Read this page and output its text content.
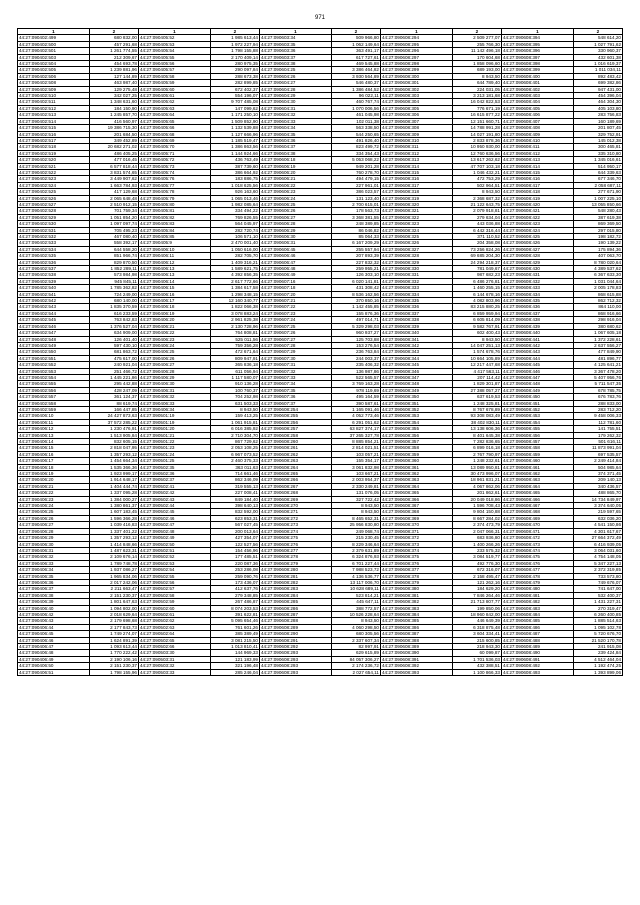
971
1	2	1	2	1	2	1	2	1	2
44:27:090402:499	680 832,00	44:27:090405:52	1 985 613,44	44:27:090603:34	509 966,80	44:27:090608:294	2 509 277,07	44:27:090608:394	548 614,20
44:27:090402:500	457 291,68	44:27:090405:53	1 972 227,94	44:27:090603:35	1 062 149,64	44:27:090608:295	255 766,30	44:27:090608:395	1 027 791,62
44:27:090402:501	1 261 774,55	44:27:090405:54	1 798 155,88	44:27:090603:36	363 491,17	44:27:090608:296	11 142 496,18	44:27:090608:396	330 960,37
44:27:090402:503	212 309,67	44:27:090405:55	2 170 409,14	44:27:090603:37	617 727,61	44:27:090608:297	170 604,68	44:27:090608:397	432 601,38
44:27:090402:504	454 693,78	44:27:090405:56	280 975,35	44:27:090603:38	469 545,88	44:27:090608:298	1 858 096,60	44:27:090608:398	1 016 619,37
44:27:090402:505	1 239 881,96	44:27:090405:57	290 097,84	44:27:090604:25	3 386 464,82	44:27:090608:299	689 193,00	44:27:090608:399	1 011 034,11
44:27:090402:506	127 144,89	44:27:090405:58	288 673,38	44:27:090604:26	3 930 564,89	44:27:090608:300	8 943,50	44:27:090608:400	892 483,42
44:27:090402:508	463 987,40	44:27:090405:59	282 899,85	44:27:090604:27	546 480,37	44:27:090608:301	644 789,40	44:27:090608:401	699 382,86
44:27:090402:509	129 275,48	44:27:090405:60	672 402,37	44:27:090604:28	1 386 484,52	44:27:090608:302	224 031,05	44:27:090608:402	947 431,00
44:27:090402:510	342 027,25	44:27:090405:61	554 196,07	44:27:090604:29	96 022,11	44:27:090608:303	3 213 181,68	44:27:090608:403	454 396,04
44:27:090402:511	1 348 631,60	44:27:090405:62	9 707 485,08	44:27:090604:30	460 767,74	44:27:090608:304	16 042 822,53	44:27:090608:404	464 304,30
44:27:090402:512	184 150,90	44:27:090405:63	147 099,62	44:27:090604:31	1 070 006,56	44:27:090608:305	776 671,19	44:27:090608:405	405 103,80
44:27:090402:513	1 245 857,70	44:27:090405:64	1 171 250,10	44:27:090604:32	461 045,98	44:27:090608:306	16 615 877,22	44:27:090608:406	283 756,83
44:27:090402:514	416 560,97	44:27:090405:65	1 509 852,90	44:27:090604:33	102 011,38	44:27:090608:307	12 151 660,71	44:27:090608:407	160 189,69
44:27:090402:515	19 386 715,30	44:27:090405:66	1 132 539,88	44:27:090604:34	563 338,50	44:27:090608:308	14 788 991,28	44:27:090608:408	201 807,45
44:27:090402:516	201 684,50	44:27:090405:68	1 127 666,96	44:27:090604:35	544 250,65	44:27:090608:309	14 027 191,80	44:27:090608:409	329 752,91
44:27:090402:517	349 452,89	44:27:090405:69	1 185 519,47	44:27:090604:36	491 826,40	44:27:090608:310	2 833 878,36	44:27:090608:410	145 012,38
44:27:090402:518	20 682 271,02	44:27:090405:70	1 386 863,56	44:27:090604:37	823 499,72	44:27:090608:311	10 950 930,00	44:27:090608:411	300 465,81
44:27:090402:519	486 405,25	44:27:090405:71	1 144 924,66	44:27:090604:38	334 354,43	44:27:090608:312	12 760 636,56	44:27:090608:412	335 310,80
44:27:090402:520	477 016,45	44:27:090405:72	436 763,49	44:27:090606:18	5 053 068,22	44:27:090608:313	13 617 262,62	44:27:090608:413	1 345 016,61
44:27:090402:521	6 577 818,44	44:27:090405:73	387 739,60	44:27:090606:19	949 201,28	44:27:090608:314	47 707 103,18	44:27:090608:414	514 950,17
44:27:090402:522	3 831 574,65	44:27:090405:74	386 664,92	44:27:090606:20	760 278,70	44:27:090608:315	1 046 432,21	44:27:090608:415	644 339,63
44:27:090402:523	3 449 907,62	44:27:090405:76	183 886,75	44:27:090606:21	494 479,15	44:27:090608:316	472 753,29	44:27:090608:416	677 346,70
44:27:090402:524	1 663 784,93	44:27:090405:77	1 018 625,56	44:27:090606:22	227 961,01	44:27:090608:317	502 964,51	44:27:090608:417	2 058 687,11
44:27:090402:525	417 129,68	44:27:090405:78	926 163,60	44:27:090606:23	386 023,57	44:27:090608:318	8 943,50	44:27:090608:418	277 671,90
44:27:090402:526	2 065 648,48	44:27:090405:79	1 065 013,46	44:27:090606:24	131 123,40	44:27:090608:319	2 368 687,32	44:27:090608:419	1 007 225,10
44:27:090402:527	2 510 912,15	44:27:090405:80	1 982 085,64	44:27:090606:25	2 700 615,01	44:27:090608:320	21 122 643,75	44:27:090608:420	13 055 850,66
44:27:090402:528	701 759,34	44:27:090405:81	334 494,22	44:27:090606:26	178 563,73	44:27:090608:321	2 079 918,81	44:27:090608:421	548 280,43
44:27:090402:529	1 051 854,20	44:27:090405:82	769 826,55	44:27:090606:27	3 368 381,55	44:27:090608:322	279 634,04	44:27:090608:422	387 619,38
44:27:090402:530	1 097 097,74	44:27:090405:83	564 045,97	44:27:090606:28	248 389,85	44:27:090608:323	443 036,88	44:27:090608:423	869 369,50
44:27:090402:531	705 495,23	44:27:090405:84	282 720,74	44:27:090606:29	86 046,82	44:27:090608:324	6 442 316,44	44:27:090608:424	297 015,80
44:27:090402:532	467 080,40	44:27:090405:85	106 571,10	44:27:090606:30	85 064,33	44:27:090608:325	371 110,52	44:27:090608:425	198 182,72
44:27:090402:533	558 392,17	44:27:090405:9	2 470 001,40	44:27:090606:31	6 167 209,29	44:27:090608:326	204 358,08	44:27:090608:426	190 139,22
44:27:090402:534	644 558,20	44:27:090406:10	1 050 616,00	44:27:090606:45	255 557,94	44:27:090608:327	73 256 824,26	44:27:090608:427	175 894,36
44:27:090402:535	851 966,74	44:27:090406:11	282 705,70	44:27:090606:46	207 893,39	44:27:090608:328	69 685 204,30	44:27:090608:428	407 063,70
44:27:090402:536	829 870,50	44:27:090406:12	1 409 316,21	44:27:090606:47	227 832,32	44:27:090608:329	24 294 218,37	44:27:090608:429	8 780 020,64
44:27:090402:537	1 852 289,11	44:27:090406:13	1 589 621,75	44:27:090606:48	259 955,21	44:27:090608:330	781 049,67	44:27:090608:430	4 389 537,62
44:27:090402:538	573 984,98	44:27:090406:13	4 392 856,35	44:27:090606:49	126 303,10	44:27:090608:331	987 682,23	44:27:090608:431	6 367 633,30
44:27:090402:539	945 845,11	44:27:090406:14	2 617 772,66	44:27:090607:16	6 020 141,81	44:27:090608:332	6 486 276,81	44:27:090608:432	1 031 044,64
44:27:090402:540	1 785 362,82	44:27:090406:15	1 384 617,58	44:27:090607:18	431 308,42	44:27:090608:333	1 460 255,15	44:27:090608:433	2 005 178,83
44:27:090402:541	724 249,00	44:27:090406:16	1 298 348,15	44:27:090607:20	8 536 162,56	44:27:090608:334	6 144 678,16	44:27:090608:434	868 615,88
44:27:090402:542	680 140,00	44:27:090406:17	12 160 340,77	44:27:090607:21	370 850,16	44:27:090608:335	4 082 803,96	44:27:090608:435	862 712,32
44:27:090402:543	1 835 370,59	44:27:090406:18	1 822 066,38	44:27:090607:22	1 142 455,85	44:27:090608:336	83 215 880,25	44:27:090608:436	864 110,00
44:27:090402:544	616 233,59	44:27:090406:19	3 078 883,24	44:27:090607:23	155 876,36	44:27:090608:337	6 859 959,94	44:27:090608:437	868 916,66
44:27:090402:545	763 842,83	44:27:090406:20	2 961 825,38	44:27:090607:24	497 014,71	44:27:090608:338	6 605 814,09	44:27:090608:438	298 916,04
44:27:090402:546	1 376 527,04	44:27:090406:21	2 130 728,96	44:27:090607:25	5 329 298,03	44:27:090608:339	9 582 767,91	44:27:090608:439	380 680,62
44:27:090402:547	634 909,00	44:27:090406:22	764 808,81	44:27:090607:26	960 937,27	44:27:090608:340	602 400,43	44:27:090608:440	1 067 605,18
44:27:090402:548	126 401,40	44:27:090406:23	525 011,56	44:27:090607:27	125 703,88	44:27:090608:341	8 943,50	44:27:090608:441	1 372 228,61
44:27:090402:549	597 430,10	44:27:090406:24	759 356,28	44:27:090607:28	153 276,54	44:27:090608:342	14 047 251,13	44:27:090608:442	2 637 556,27
44:27:090402:550	681 863,72	44:27:090406:25	472 671,64	44:27:090607:29	236 763,84	44:27:090608:343	1 574 678,76	44:27:090608:443	477 849,90
44:27:090402:551	475 617,00	44:27:090406:26	809 947,91	44:27:090607:30	244 003,37	44:27:090608:344	10 664 105,89	44:27:090608:444	481 896,77
44:27:090402:552	240 921,04	44:27:090406:27	365 836,18	44:27:090607:31	235 406,32	44:27:090608:345	12 217 447,68	44:27:090608:445	4 125 641,21
44:27:090402:553	251 466,72	44:27:090406:28	611 056,94	44:27:090607:32	136 987,86	44:27:090608:346	4 417 563,11	44:27:090608:446	3 367 478,20
44:27:090402:554	1 445 221,86	44:27:090406:29	1 117 580,07	44:27:090607:33	522 565,57	44:27:090608:347	207 114,42	44:27:090608:447	5 407 956,76
44:27:090402:555	295 442,88	44:27:090406:30	910 136,28	44:27:090607:34	3 769 163,28	44:27:090608:348	1 829 301,87	44:27:090608:448	5 711 547,35
44:27:090402:556	428 247,09	44:27:090406:31	100 760,37	44:27:090607:35	978 119,69	44:27:090608:349	27 388 057,27	44:27:090608:449	678 785,75
44:27:090402:557	361 124,37	44:27:090406:32	704 252,98	44:27:090607:36	495 164,59	44:27:090608:350	637 619,53	44:27:090608:450	676 783,76
44:27:090402:558	88 619,74	44:27:090406:33	631 503,33	44:27:090607:37	390 587,61	44:27:090608:351	1 248 325,81	44:27:090608:451	288 833,00
44:27:090402:559	166 447,85	44:27:090406:34	8 943,50	44:27:090608:254	1 165 091,46	44:27:090608:352	8 767 678,89	44:27:090608:452	283 712,20
44:27:090406:10	24 427 873,63	44:27:090501:19	159 413,25	44:27:090608:255	4 052 773,46	44:27:090608:353	93 308 083,49	44:27:090608:453	9 458 006,33
44:27:090406:11	37 572 285,22	44:27:090501:19	1 061 915,81	44:27:090608:256	6 291 051,62	44:27:090608:354	38 402 830,11	44:27:090608:454	112 781,60
44:27:090406:12	1 230 476,91	44:27:090501:20	6 016 385,92	44:27:090608:257	63 827 374,17	44:27:090608:355	13 138 606,36	44:27:090608:455	141 755,51
44:27:090406:13	1 513 905,84	44:27:090501:21	2 710 304,70	44:27:090608:258	37 265 327,78	44:27:090608:356	8 401 645,38	44:27:090608:456	179 262,32
44:27:090406:14	832 605,15	44:27:090501:22	867 729,62	44:27:090608:260	8 885 854,21	44:27:090608:357	7 282 836,65	44:27:090608:457	501 616,11
44:27:090406:15	2 818 047,95	44:27:090501:23	2 053 108,25	44:27:090608:261	2 814 021,51	44:27:090608:358	6 899 016,18	44:27:090608:458	11 873 991,04
44:27:090406:16	1 357 293,12	44:27:090501:24	6 967 073,52	44:27:090608:262	103 057,21	44:27:090608:359	2 767 790,97	44:27:090608:459	697 535,57
44:27:090406:17	1 454 664,34	44:27:090501:25	2 460 375,33	44:27:090608:263	155 354,17	44:27:090608:360	1 248 232,61	44:27:090608:460	2 249 414,84
44:27:090406:18	1 535 366,36	44:27:090502:35	363 011,63	44:27:090608:264	3 061 832,98	44:27:090608:361	13 089 950,81	44:27:090608:461	504 985,64
44:27:090406:19	1 923 999,17	44:27:090502:36	714 661,46	44:27:090608:265	103 667,21	44:27:090608:362	30 473 996,07	44:27:090608:462	374 371,45
44:27:090406:20	1 914 648,17	44:27:090502:37	862 346,09	44:27:090608:266	2 003 954,37	44:27:090608:363	18 961 831,21	44:27:090608:463	209 140,13
44:27:090406:21	1 404 444,74	44:27:090502:41	319 555,13	44:27:090608:267	2 330 249,81	44:27:090608:364	4 067 862,06	44:27:090608:464	340 436,57
44:27:090406:22	1 337 095,28	44:27:090502:42	227 008,41	44:27:090608:268	131 076,05	44:27:090608:365	201 862,61	44:27:090608:465	488 865,70
44:27:090406:23	1 384 000,27	44:27:090502:43	849 184,40	44:27:090608:269	327 722,42	44:27:090608:366	20 049 018,86	44:27:090608:466	14 734 849,97
44:27:090406:24	1 380 861,37	44:27:090502:44	398 640,13	44:27:090608:270	8 943,50	44:27:090608:367	1 596 708,43	44:27:090608:467	3 374 640,05
44:27:090406:25	1 607 183,45	44:27:090502:45	832 592,00	44:27:090608:271	8 943,50	44:27:090608:368	9 804 150,88	44:27:090608:468	219 597,65
44:27:090406:26	1 596 366,28	44:27:090502:46	623 853,31	44:27:090608:272	8 465 652,31	44:27:090608:369	8 667 284,02	44:27:090608:469	632 036,20
44:27:090406:27	1 039 416,83	44:27:090502:47	567 027,45	44:27:090608:273	25 956 830,80	44:27:090608:370	2 374 473,79	44:27:090608:470	4 541 150,86
44:27:090406:28	1 337 401,22	44:27:090502:48	200 013,64	44:27:090608:274	249 068,74	44:27:090608:371	2 047 066,31	44:27:090608:471	4 301 617,67
44:27:090406:29	1 357 293,12	44:27:090502:49	427 354,07	44:27:090608:275	215 230,45	44:27:090608:372	683 936,80	44:27:090608:472	27 664 372,49
44:27:090406:30	1 414 848,66	44:27:090502:50	122 527,56	44:27:090608:276	8 229 346,64	44:27:090608:373	1 400 266,26	44:27:090608:473	6 416 939,05
44:27:090406:31	1 487 623,31	44:27:090502:51	154 456,96	44:27:090608:277	2 379 631,89	44:27:090608:374	233 575,32	44:27:090608:474	3 064 031,60
44:27:090406:32	2 109 676,14	44:27:090502:52	177 485,51	44:27:090608:278	6 324 876,93	44:27:090608:375	3 084 519,77	44:27:090608:475	4 754 148,05
44:27:090406:33	1 789 748,78	44:27:090502:53	220 087,36	44:27:090608:279	6 701 227,44	44:27:090608:376	492 776,30	44:27:090608:476	5 347 227,13
44:27:090406:34	1 937 086,27	44:27:090502:54	253 286,08	44:27:090608:280	7 988 523,72	44:27:090608:377	672 316,07	44:27:090608:477	2 372 319,85
44:27:090406:35	1 965 834,06	44:27:090502:55	259 090,76	44:27:090608:281	4 136 536,77	44:27:090608:378	2 158 495,47	44:27:090608:478	733 573,80
44:27:090406:36	2 017 242,06	44:27:090502:56	173 436,07	44:27:090608:282	13 117 006,70	44:27:090608:379	121 262,16	44:27:090608:479	749 676,07
44:27:090406:37	2 211 663,47	44:27:090502:57	412 637,76	44:27:090608:283	10 628 689,11	44:27:090608:380	184 629,20	44:27:090608:480	741 647,00
44:27:090406:38	2 151 230,37	44:27:090502:58	279 348,85	44:27:090608:284	523 814,21	44:27:090608:381	7 846 264,46	44:27:090608:481	532 400,37
44:27:090406:39	1 801 647,63	44:27:090502:59	267 486,87	44:27:090608:285	445 647,11	44:27:090608:382	21 713 807,77	44:27:090608:482	1 431 227,31
44:27:090406:40	1 094 802,00	44:27:090502:60	8 074 203,53	44:27:090608:286	388 772,57	44:27:090608:383	199 850,06	44:27:090608:483	270 319,47
44:27:090406:42	2 018 629,64	44:27:090502:61	391 622,81	44:27:090608:287	10 526 228,64	44:27:090608:384	18 960 842,00	44:27:090608:484	6 260 400,85
44:27:090406:43	2 179 698,68	44:27:090502:62	5 095 654,46	44:27:090608:288	8 943,50	44:27:090608:385	446 649,39	44:27:090608:485	1 885 514,63
44:27:090406:44	2 177 843,73	44:27:090502:63	761 601,26	44:27:090608:289	4 060 298,50	44:27:090608:386	6 318 875,48	44:27:090608:486	1 095 102,78
44:27:090406:45	1 749 274,07	44:27:090502:64	385 389,49	44:27:090608:290	680 305,56	44:27:090608:387	3 604 334,41	44:27:090608:487	5 720 676,70
44:27:090406:46	1 624 891,39	44:27:090502:65	3 081 215,50	44:27:090608:291	2 337 607,34	44:27:090608:388	215 600,85	44:27:090608:488	21 520 170,78
44:27:090406:47	1 093 613,44	44:27:090502:66	1 013 810,41	44:27:090608:292	82 997,91	44:27:090608:389	218 943,30	44:27:090608:489	241 915,08
44:27:090406:48	1 770 222,42	44:27:090503:30	144 969,33	44:27:090608:293	629 615,89	44:27:090608:390	60 099,87	44:27:090608:490	239 424,84
44:27:090406:49	2 190 106,16	44:27:090503:31	121 183,99	44:27:090608:293	84 057 306,27	44:27:090608:391	1 701 536,03	44:27:090608:491	4 512 464,04
44:27:090406:50	2 151 230,37	44:27:090503:32	321 196,48	44:27:090608:293	2 174 236,72	44:27:090608:392	432 388,51	44:27:090608:492	1 192 474,25
44:27:090406:51	1 798 155,96	44:27:090503:33	285 246,04	44:27:090608:293	2 027 654,11	44:27:090608:393	1 100 866,33	44:27:090608:493	1 393 899,06
